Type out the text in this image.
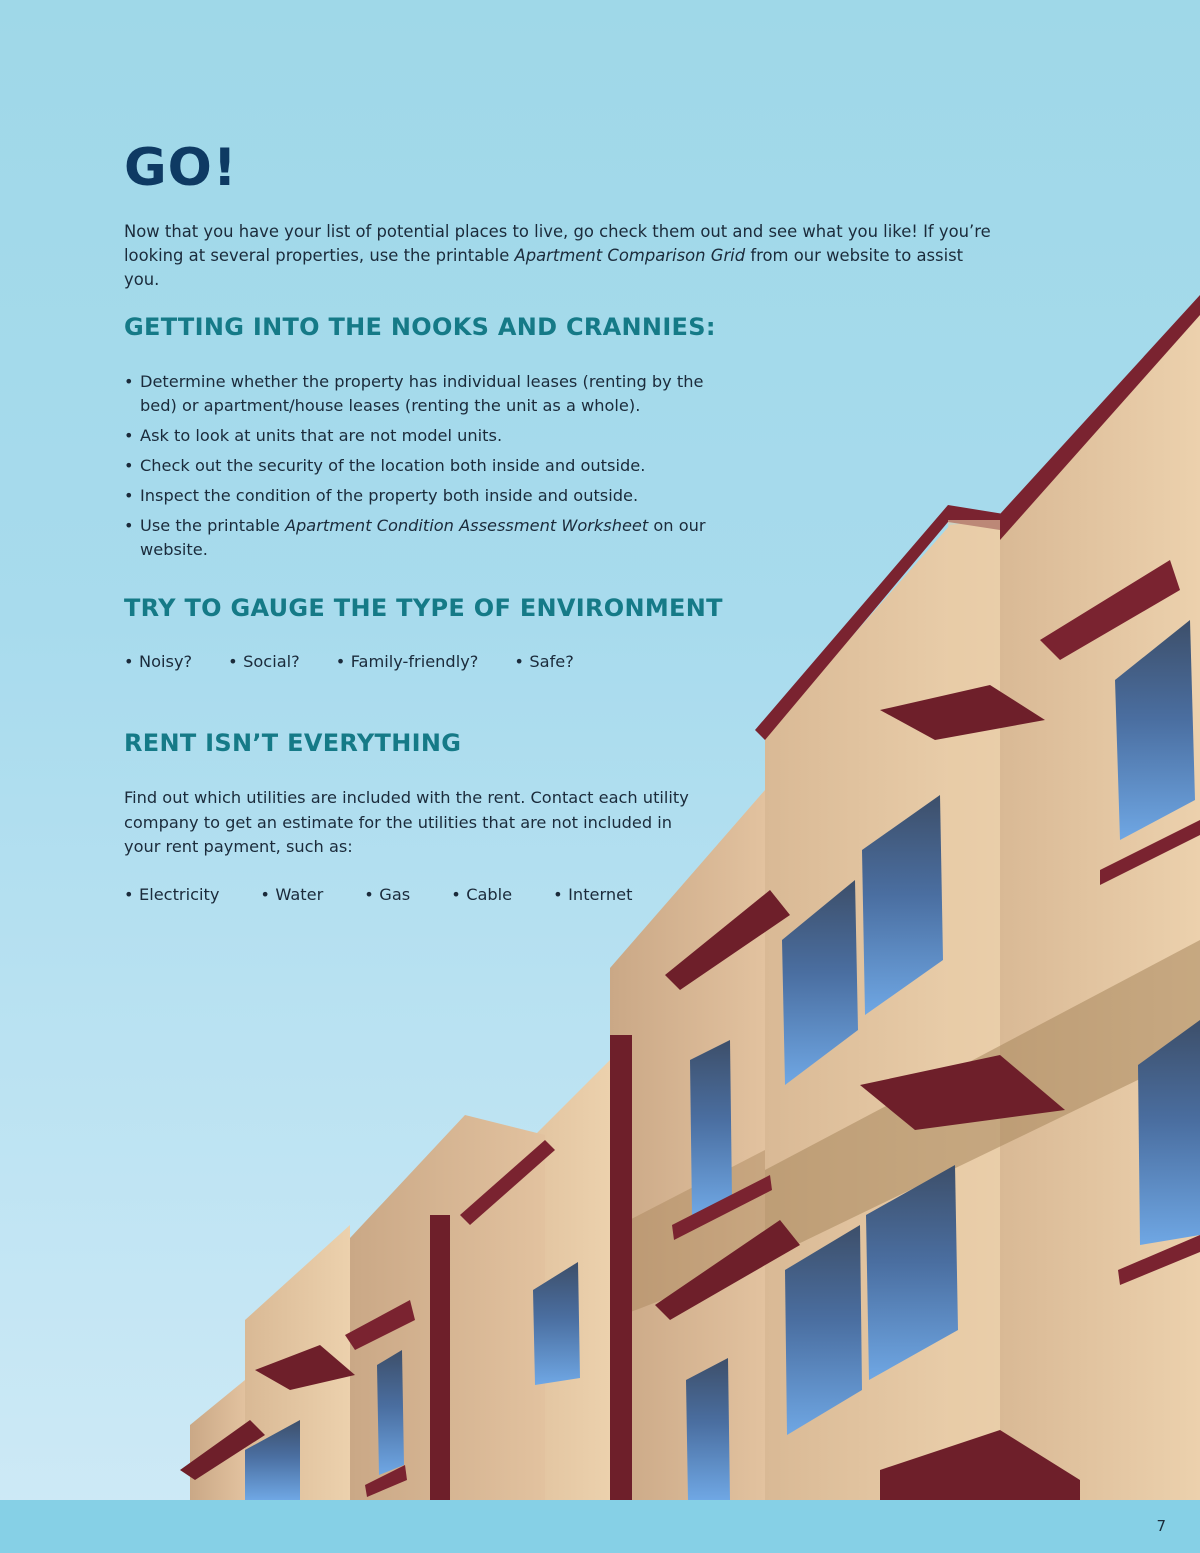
GO!

Now that you have your list of potential places to live, go check them out and see what you like! If you’re looking at several properties, use the printable Apartment Comparison Grid from our website to assist you.

GETTING INTO THE NOOKS AND CRANNIES:
• Determine whether the property has individual leases (renting by the bed) or apartment/house leases (renting the unit as a whole).
• Ask to look at units that are not model units.
• Check out the security of the location both inside and outside.
• Inspect the condition of the property both inside and outside.
• Use the printable Apartment Condition Assessment Worksheet on our website.
TRY TO GAUGE THE TYPE OF ENVIRONMENT
• Noisy?	• Social?	• Family-friendly?	• Safe?
RENT ISN’T EVERYTHING

Find out which utilities are included with the rent. Contact each utility company to get an estimate for the utilities that are not included in your rent payment, such as:

• Electricity	• Water	• Gas	• Cable	• Internet
7
